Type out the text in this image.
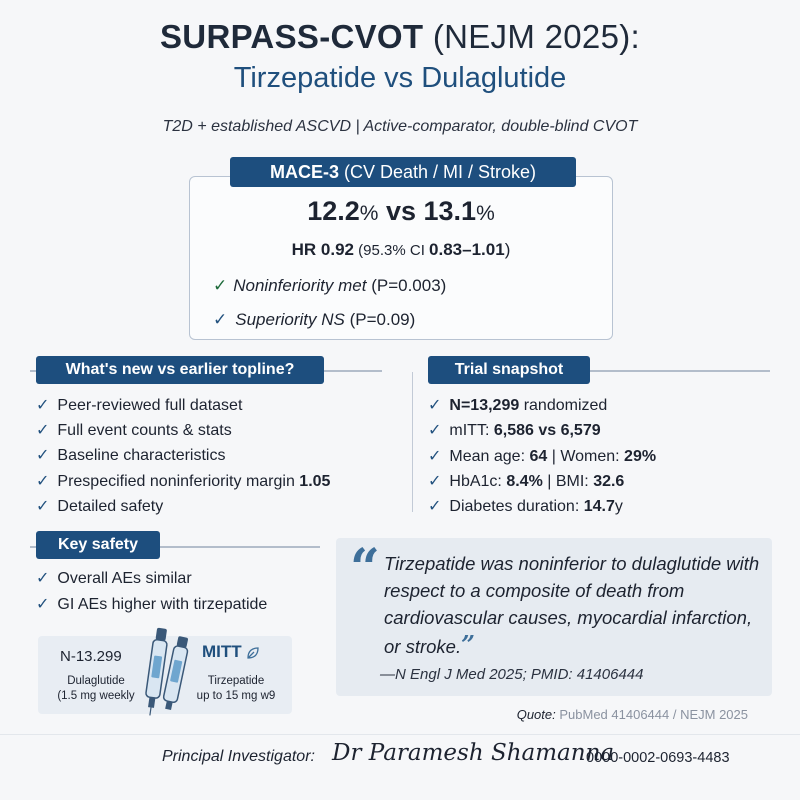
SURPASS-CVOT (NEJM 2025):
Tirzepatide vs Dulaglutide
T2D + established ASCVD | Active-comparator, double-blind CVOT
MACE-3 (CV Death / MI / Stroke)
12.2% vs 13.1%
HR 0.92 (95.3% CI 0.83–1.01)
✓ Noninferiority met (P=0.003)
✓ Superiority NS (P=0.09)
What's new vs earlier topline?
✓ Peer-reviewed full dataset
✓ Full event counts & stats
✓ Baseline characteristics
✓ Prespecified noninferiority margin 1.05
✓ Detailed safety
Trial snapshot
✓ N=13,299 randomized
✓ mITT: 6,586 vs 6,579
✓ Mean age: 64 | Women: 29%
✓ HbA1c: 8.4% | BMI: 32.6
✓ Diabetes duration: 14.7y
Key safety
✓ Overall AEs similar
✓ GI AEs higher with tirzepatide
N-13.299	MITT
Dulaglutide
(1.5 mg weekly
Tirzepatide
up to 15 mg w9
“ Tirzepatide was noninferior to dulaglutide with respect to a composite of death from cardiovascular causes, myocardial infarction, or stroke.”
—N Engl J Med 2025; PMID: 41406444
Quote: PubMed 41406444 / NEJM 2025
Principal Investigator: Dr Paramesh Shamanna
0000-0002-0693-4483
